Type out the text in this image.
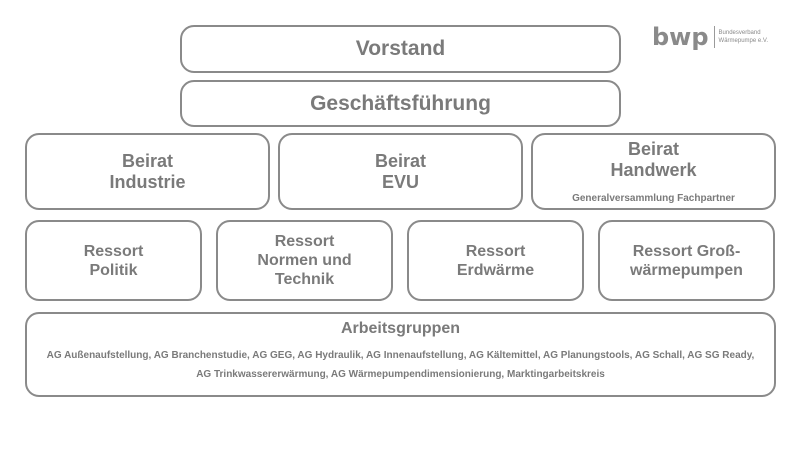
bwp Bundesverband
Wärmepumpe e.V.
Vorstand
Geschäftsführung
Beirat
Industrie
Beirat
EVU
Beirat
Handwerk
Generalversammlung Fachpartner
Ressort
Politik
Ressort
Normen und
Technik
Ressort
Erdwärme
Ressort Groß-
wärmepumpen
Arbeitsgruppen
AG Außenaufstellung, AG Branchenstudie, AG GEG, AG Hydraulik, AG Innenaufstellung, AG Kältemittel, AG Planungstools, AG Schall, AG SG Ready,
AG Trinkwassererwärmung, AG Wärmepumpendimensionierung, Marktingarbeitskreis
